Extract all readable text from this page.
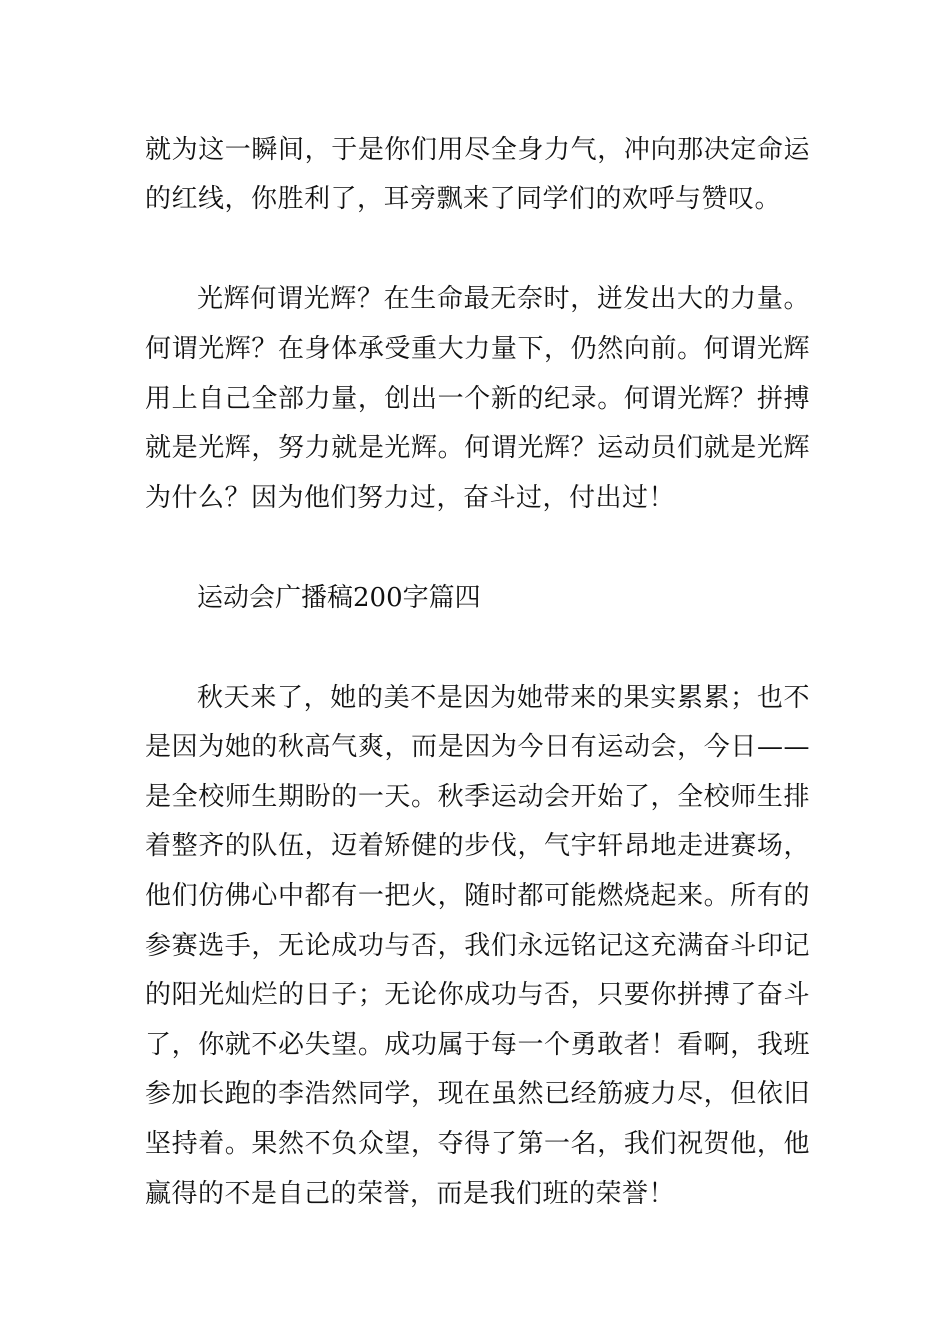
就为这一瞬间，于是你们用尽全身力气，冲向那决定命运
的红线，你胜利了，耳旁飘来了同学们的欢呼与赞叹。
光辉何谓光辉？在生命最无奈时，迸发出大的力量。
何谓光辉？在身体承受重大力量下，仍然向前。何谓光辉
用上自己全部力量，创出一个新的纪录。何谓光辉？拼搏
就是光辉，努力就是光辉。何谓光辉？运动员们就是光辉
为什么？因为他们努力过，奋斗过，付出过！
运动会广播稿200字篇四
秋天来了，她的美不是因为她带来的果实累累；也不
是因为她的秋高气爽，而是因为今日有运动会，今日——
是全校师生期盼的一天。秋季运动会开始了，全校师生排
着整齐的队伍，迈着矫健的步伐，气宇轩昂地走进赛场，
他们仿佛心中都有一把火，随时都可能燃烧起来。所有的
参赛选手，无论成功与否，我们永远铭记这充满奋斗印记
的阳光灿烂的日子；无论你成功与否，只要你拼搏了奋斗
了，你就不必失望。成功属于每一个勇敢者！看啊，我班
参加长跑的李浩然同学，现在虽然已经筋疲力尽，但依旧
坚持着。果然不负众望，夺得了第一名，我们祝贺他，他
赢得的不是自己的荣誉，而是我们班的荣誉！
